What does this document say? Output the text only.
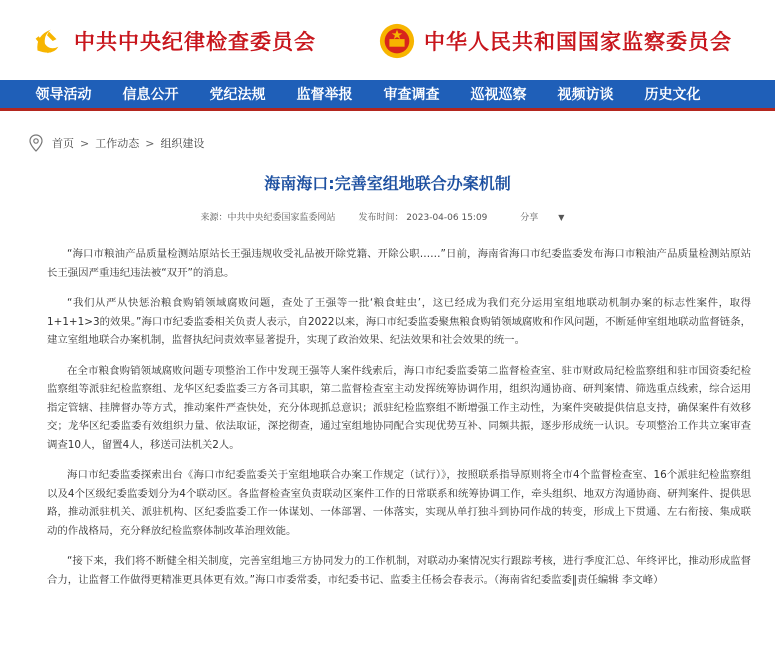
中共中央纪律检查委员会	中华人民共和国国家监察委员会
领导活动	信息公开	党纪法规	监督举报	审查调查	巡视巡察	视频访谈	历史文化
首页 > 工作动态 > 组织建设
海南海口:完善室组地联合办案机制
来源：中共中央纪委国家监委网站	发布时间： 2023-04-06 15:09	分享	▼

“海口市粮油产品质量检测站原站长王强违规收受礼品被开除党籍、开除公职……”日前，海南省海口市纪委监委发布海口市粮油产品质量检测站原站长王强因严重违纪违法被“双开”的消息。

“我们从严从快惩治粮食购销领域腐败问题，查处了王强等一批‘粮食蛀虫’，这已经成为我们充分运用室组地联动机制办案的标志性案件，取得1+1+1>3的效果。”海口市纪委监委相关负责人表示，自2022以来，海口市纪委监委聚焦粮食购销领域腐败和作风问题，不断延伸室组地联动监督链条，建立室组地联合办案机制，监督执纪问责效率显著提升，实现了政治效果、纪法效果和社会效果的统一。

在全市粮食购销领域腐败问题专项整治工作中发现王强等人案件线索后，海口市纪委监委第二监督检查室、驻市财政局纪检监察组和驻市国资委纪检监察组等派驻纪检监察组、龙华区纪委监委三方各司其职，第二监督检查室主动发挥统筹协调作用，组织沟通协商、研判案情、筛选重点线索，综合运用指定管辖、挂牌督办等方式，推动案件严查快处，充分体现抓总意识；派驻纪检监察组不断增强工作主动性，为案件突破提供信息支持，确保案件有效移交；龙华区纪委监委有效组织力量、依法取证，深挖彻查，通过室组地协同配合实现优势互补、同频共振，逐步形成统一认识。专项整治工作共立案审查调查10人，留置4人，移送司法机关2人。

海口市纪委监委探索出台《海口市纪委监委关于室组地联合办案工作规定（试行）》，按照联系指导原则将全市4个监督检查室、16个派驻纪检监察组以及4个区级纪委监委划分为4个联动区。各监督检查室负责联动区案件工作的日常联系和统筹协调工作，牵头组织、地双方沟通协商、研判案件、提供思路，推动派驻机关、派驻机构、区纪委监委工作一体谋划、一体部署、一体落实，实现从单打独斗到协同作战的转变，形成上下贯通、左右衔接、集成联动的作战格局，充分释放纪检监察体制改革治理效能。

“接下来，我们将不断健全相关制度，完善室组地三方协同发力的工作机制，对联动办案情况实行跟踪考核，进行季度汇总、年终评比，推动形成监督合力，让监督工作做得更精准更具体更有效。”海口市委常委，市纪委书记、监委主任杨会春表示。（海南省纪委监委‖责任编辑 李文峰）
